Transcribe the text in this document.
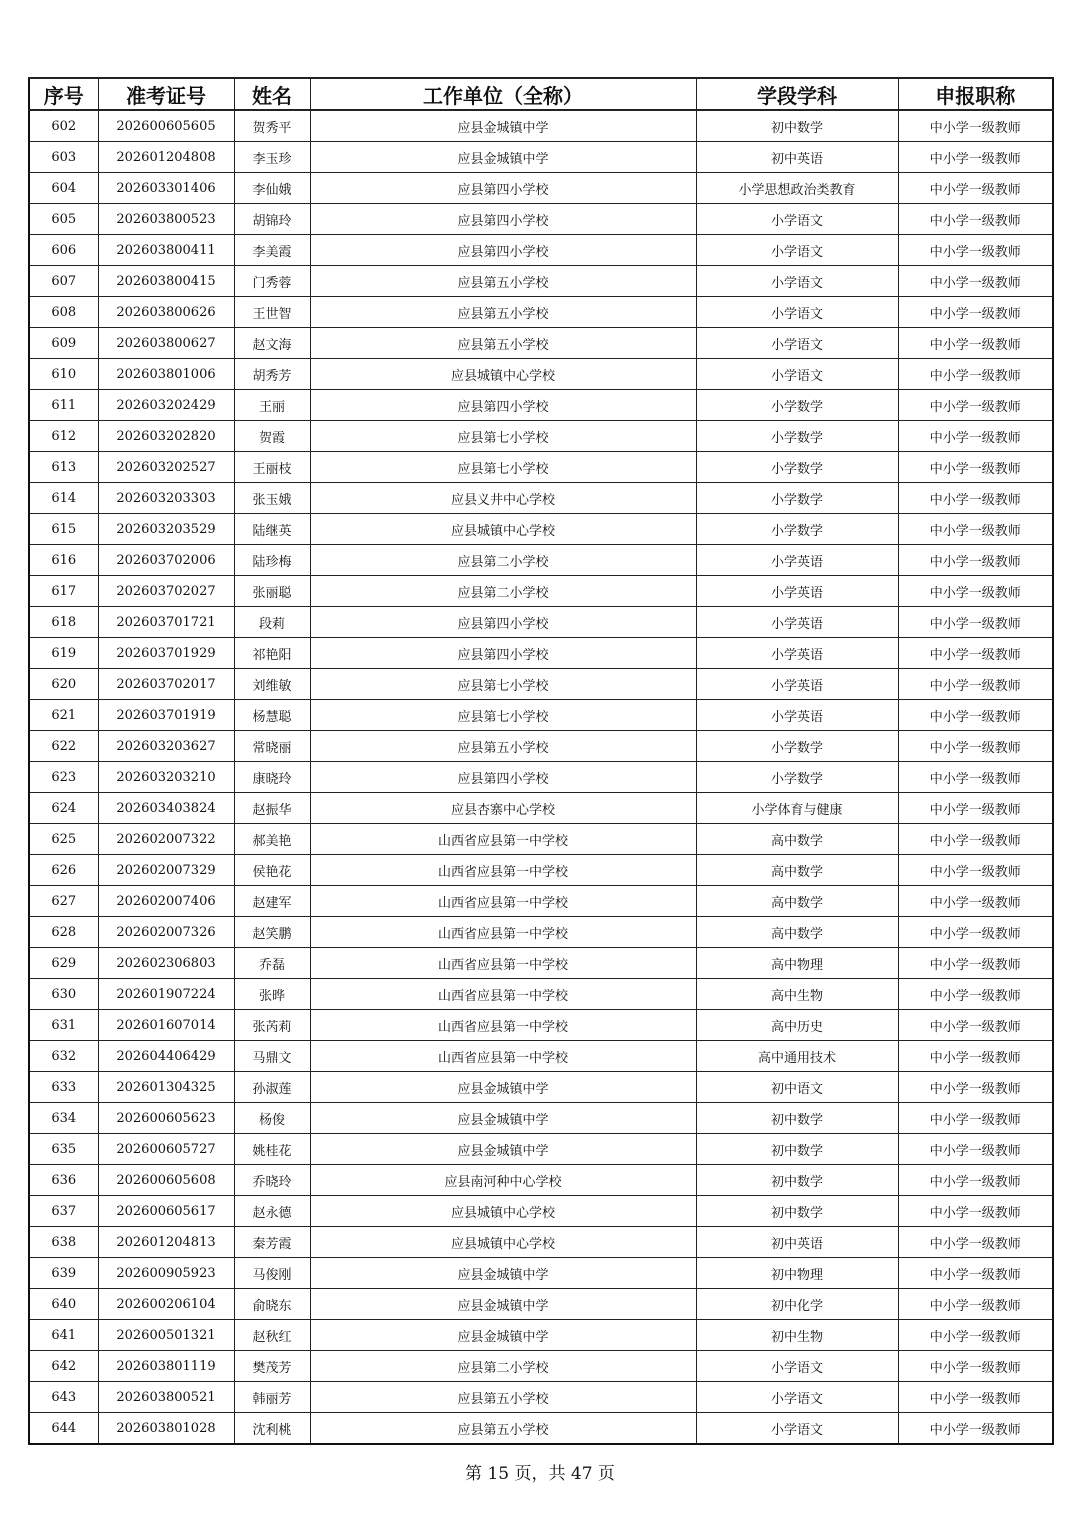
序号	准考证号	姓名	工作单位（全称）	学段学科	申报职称
602	202600605605	贺秀平	应县金城镇中学	初中数学	中小学一级教师
603	202601204808	李玉珍	应县金城镇中学	初中英语	中小学一级教师
604	202603301406	李仙娥	应县第四小学校	小学思想政治类教育	中小学一级教师
605	202603800523	胡锦玲	应县第四小学校	小学语文	中小学一级教师
606	202603800411	李美霞	应县第四小学校	小学语文	中小学一级教师
607	202603800415	门秀蓉	应县第五小学校	小学语文	中小学一级教师
608	202603800626	王世智	应县第五小学校	小学语文	中小学一级教师
609	202603800627	赵文海	应县第五小学校	小学语文	中小学一级教师
610	202603801006	胡秀芳	应县城镇中心学校	小学语文	中小学一级教师
611	202603202429	王丽	应县第四小学校	小学数学	中小学一级教师
612	202603202820	贺霞	应县第七小学校	小学数学	中小学一级教师
613	202603202527	王丽枝	应县第七小学校	小学数学	中小学一级教师
614	202603203303	张玉娥	应县义井中心学校	小学数学	中小学一级教师
615	202603203529	陆继英	应县城镇中心学校	小学数学	中小学一级教师
616	202603702006	陆珍梅	应县第二小学校	小学英语	中小学一级教师
617	202603702027	张丽聪	应县第二小学校	小学英语	中小学一级教师
618	202603701721	段莉	应县第四小学校	小学英语	中小学一级教师
619	202603701929	祁艳阳	应县第四小学校	小学英语	中小学一级教师
620	202603702017	刘维敏	应县第七小学校	小学英语	中小学一级教师
621	202603701919	杨慧聪	应县第七小学校	小学英语	中小学一级教师
622	202603203627	常晓丽	应县第五小学校	小学数学	中小学一级教师
623	202603203210	康晓玲	应县第四小学校	小学数学	中小学一级教师
624	202603403824	赵振华	应县杏寨中心学校	小学体育与健康	中小学一级教师
625	202602007322	郝美艳	山西省应县第一中学校	高中数学	中小学一级教师
626	202602007329	侯艳花	山西省应县第一中学校	高中数学	中小学一级教师
627	202602007406	赵建军	山西省应县第一中学校	高中数学	中小学一级教师
628	202602007326	赵笑鹏	山西省应县第一中学校	高中数学	中小学一级教师
629	202602306803	乔磊	山西省应县第一中学校	高中物理	中小学一级教师
630	202601907224	张晔	山西省应县第一中学校	高中生物	中小学一级教师
631	202601607014	张芮莉	山西省应县第一中学校	高中历史	中小学一级教师
632	202604406429	马鼎文	山西省应县第一中学校	高中通用技术	中小学一级教师
633	202601304325	孙淑莲	应县金城镇中学	初中语文	中小学一级教师
634	202600605623	杨俊	应县金城镇中学	初中数学	中小学一级教师
635	202600605727	姚桂花	应县金城镇中学	初中数学	中小学一级教师
636	202600605608	乔晓玲	应县南河种中心学校	初中数学	中小学一级教师
637	202600605617	赵永德	应县城镇中心学校	初中数学	中小学一级教师
638	202601204813	秦芳霞	应县城镇中心学校	初中英语	中小学一级教师
639	202600905923	马俊刚	应县金城镇中学	初中物理	中小学一级教师
640	202600206104	俞晓东	应县金城镇中学	初中化学	中小学一级教师
641	202600501321	赵秋红	应县金城镇中学	初中生物	中小学一级教师
642	202603801119	樊茂芳	应县第二小学校	小学语文	中小学一级教师
643	202603800521	韩丽芳	应县第五小学校	小学语文	中小学一级教师
644	202603801028	沈利桃	应县第五小学校	小学语文	中小学一级教师
第 15 页，共 47 页
